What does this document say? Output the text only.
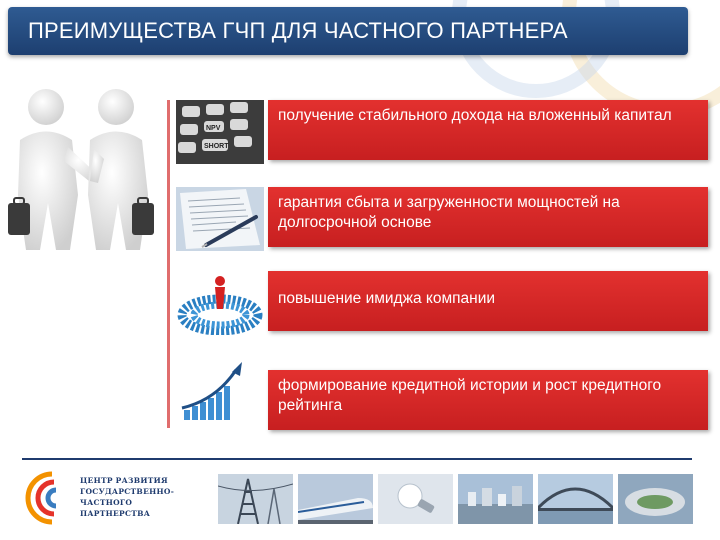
ПРЕИМУЩЕСТВА ГЧП ДЛЯ ЧАСТНОГО ПАРТНЕРА
NPV
SHORT
получение стабильного дохода на вложенный капитал
гарантия сбыта и загруженности мощностей на долгосрочной основе
повышение имиджа компании
формирование кредитной истории и рост кредитного рейтинга
ЦЕНТР РАЗВИТИЯ
ГОСУДАРСТВЕННО-ЧАСТНОГО
ПАРТНЕРСТВА
